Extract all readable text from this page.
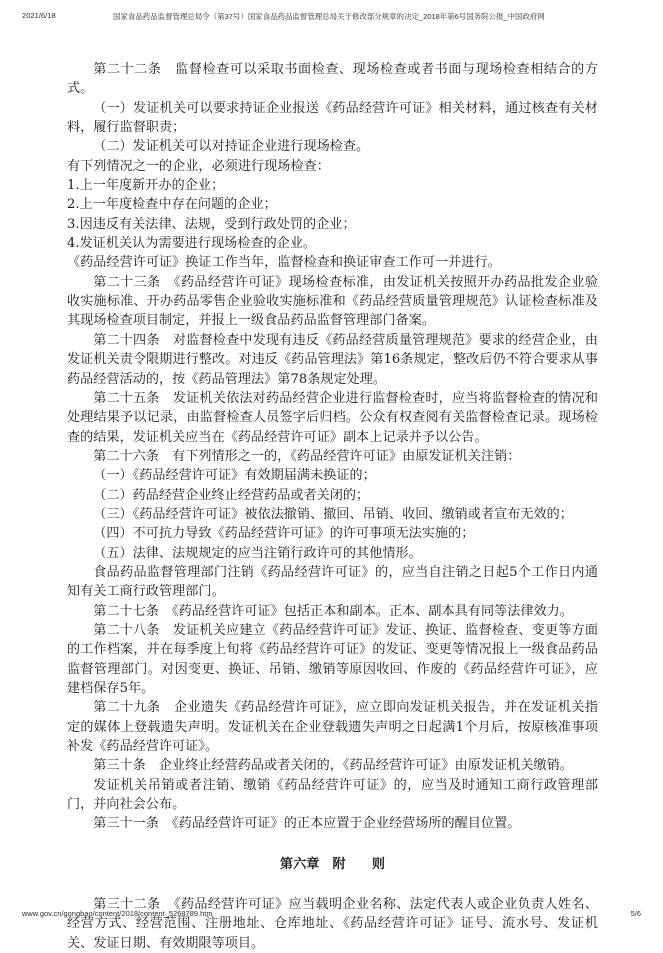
2021/6/18	国家食品药品监督管理总局令（第37号）国家食品药品监督管理总局关于修改部分规章的决定_2018年第6号国务院公报_中国政府网

第二十二条　监督检查可以采取书面检查、现场检查或者书面与现场检查相结合的方式。

（一）发证机关可以要求持证企业报送《药品经营许可证》相关材料，通过核查有关材料，履行监督职责；

（二）发证机关可以对持证企业进行现场检查。

有下列情况之一的企业，必须进行现场检查：

1.上一年度新开办的企业；

2.上一年度检查中存在问题的企业；

3.因违反有关法律、法规，受到行政处罚的企业；

4.发证机关认为需要进行现场检查的企业。

《药品经营许可证》换证工作当年，监督检查和换证审查工作可一并进行。

第二十三条　《药品经营许可证》现场检查标准，由发证机关按照开办药品批发企业验收实施标准、开办药品零售企业验收实施标准和《药品经营质量管理规范》认证检查标准及其现场检查项目制定，并报上一级食品药品监督管理部门备案。

第二十四条　对监督检查中发现有违反《药品经营质量管理规范》要求的经营企业，由发证机关责令限期进行整改。对违反《药品管理法》第16条规定，整改后仍不符合要求从事药品经营活动的，按《药品管理法》第78条规定处理。

第二十五条　发证机关依法对药品经营企业进行监督检查时，应当将监督检查的情况和处理结果予以记录，由监督检查人员签字后归档。公众有权查阅有关监督检查记录。现场检查的结果，发证机关应当在《药品经营许可证》副本上记录并予以公告。

第二十六条　有下列情形之一的，《药品经营许可证》由原发证机关注销：

（一）《药品经营许可证》有效期届满未换证的；

（二）药品经营企业终止经营药品或者关闭的；

（三）《药品经营许可证》被依法撤销、撤回、吊销、收回、缴销或者宣布无效的；

（四）不可抗力导致《药品经营许可证》的许可事项无法实施的；

（五）法律、法规规定的应当注销行政许可的其他情形。

食品药品监督管理部门注销《药品经营许可证》的，应当自注销之日起5个工作日内通知有关工商行政管理部门。

第二十七条　《药品经营许可证》包括正本和副本。正本、副本具有同等法律效力。

第二十八条　发证机关应建立《药品经营许可证》发证、换证、监督检查、变更等方面的工作档案，并在每季度上旬将《药品经营许可证》的发证、变更等情况报上一级食品药品监督管理部门。对因变更、换证、吊销、缴销等原因收回、作废的《药品经营许可证》，应建档保存5年。

第二十九条　企业遗失《药品经营许可证》，应立即向发证机关报告，并在发证机关指定的媒体上登载遗失声明。发证机关在企业登载遗失声明之日起满1个月后，按原核准事项补发《药品经营许可证》。

第三十条　企业终止经营药品或者关闭的，《药品经营许可证》由原发证机关缴销。

发证机关吊销或者注销、缴销《药品经营许可证》的，应当及时通知工商行政管理部门，并向社会公布。

第三十一条　《药品经营许可证》的正本应置于企业经营场所的醒目位置。

第六章　附　　则

第三十二条　《药品经营许可证》应当载明企业名称、法定代表人或企业负责人姓名、经营方式、经营范围、注册地址、仓库地址、《药品经营许可证》证号、流水号、发证机关、发证日期、有效期限等项目。

www.gov.cn/gongbao/content/2018/content_5268789.htm	5/6
